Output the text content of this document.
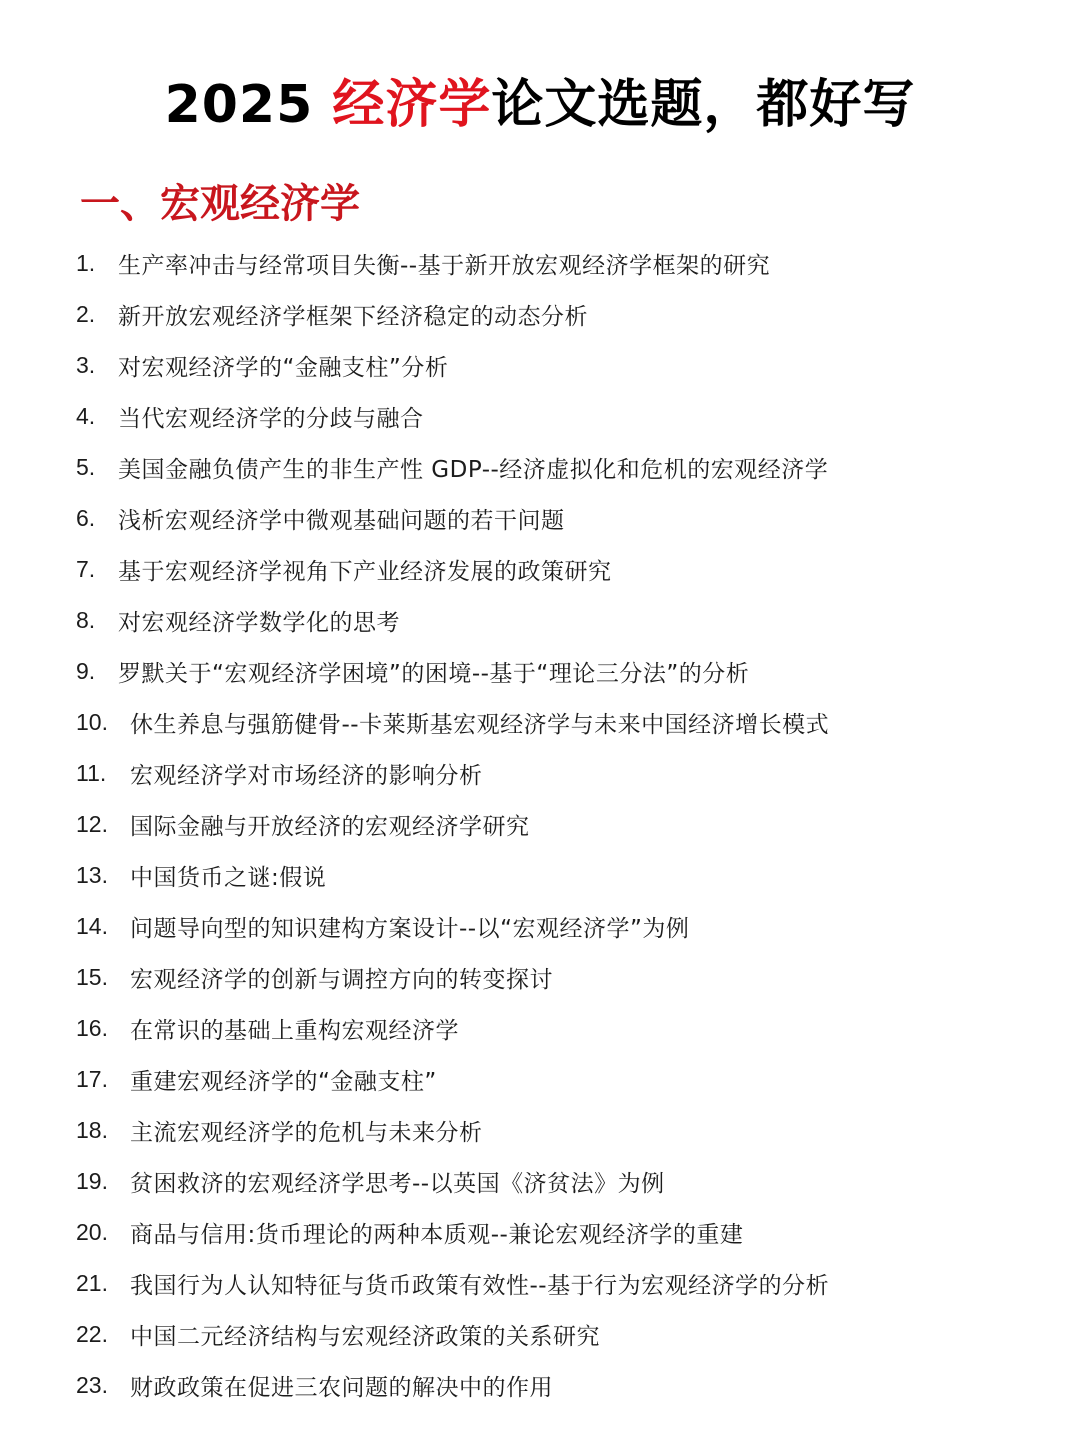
2025 经济学论文选题，都好写
一、宏观经济学
1. 生产率冲击与经常项目失衡--基于新开放宏观经济学框架的研究
2. 新开放宏观经济学框架下经济稳定的动态分析
3. 对宏观经济学的“金融支柱”分析
4. 当代宏观经济学的分歧与融合
5. 美国金融负债产生的非生产性 GDP--经济虚拟化和危机的宏观经济学
6. 浅析宏观经济学中微观基础问题的若干问题
7. 基于宏观经济学视角下产业经济发展的政策研究
8. 对宏观经济学数学化的思考
9. 罗默关于“宏观经济学困境”的困境--基于“理论三分法”的分析
10. 休生养息与强筋健骨--卡莱斯基宏观经济学与未来中国经济增长模式
11.	宏观经济学对市场经济的影响分析
12. 国际金融与开放经济的宏观经济学研究
13. 中国货币之谜:假说
14. 问题导向型的知识建构方案设计--以“宏观经济学”为例
15. 宏观经济学的创新与调控方向的转变探讨
16. 在常识的基础上重构宏观经济学
17. 重建宏观经济学的“金融支柱”
18. 主流宏观经济学的危机与未来分析
19. 贫困救济的宏观经济学思考--以英国《济贫法》为例
20. 商品与信用:货币理论的两种本质观--兼论宏观经济学的重建
21. 我国行为人认知特征与货币政策有效性--基于行为宏观经济学的分析
22. 中国二元经济结构与宏观经济政策的关系研究
23. 财政政策在促进三农问题的解决中的作用
